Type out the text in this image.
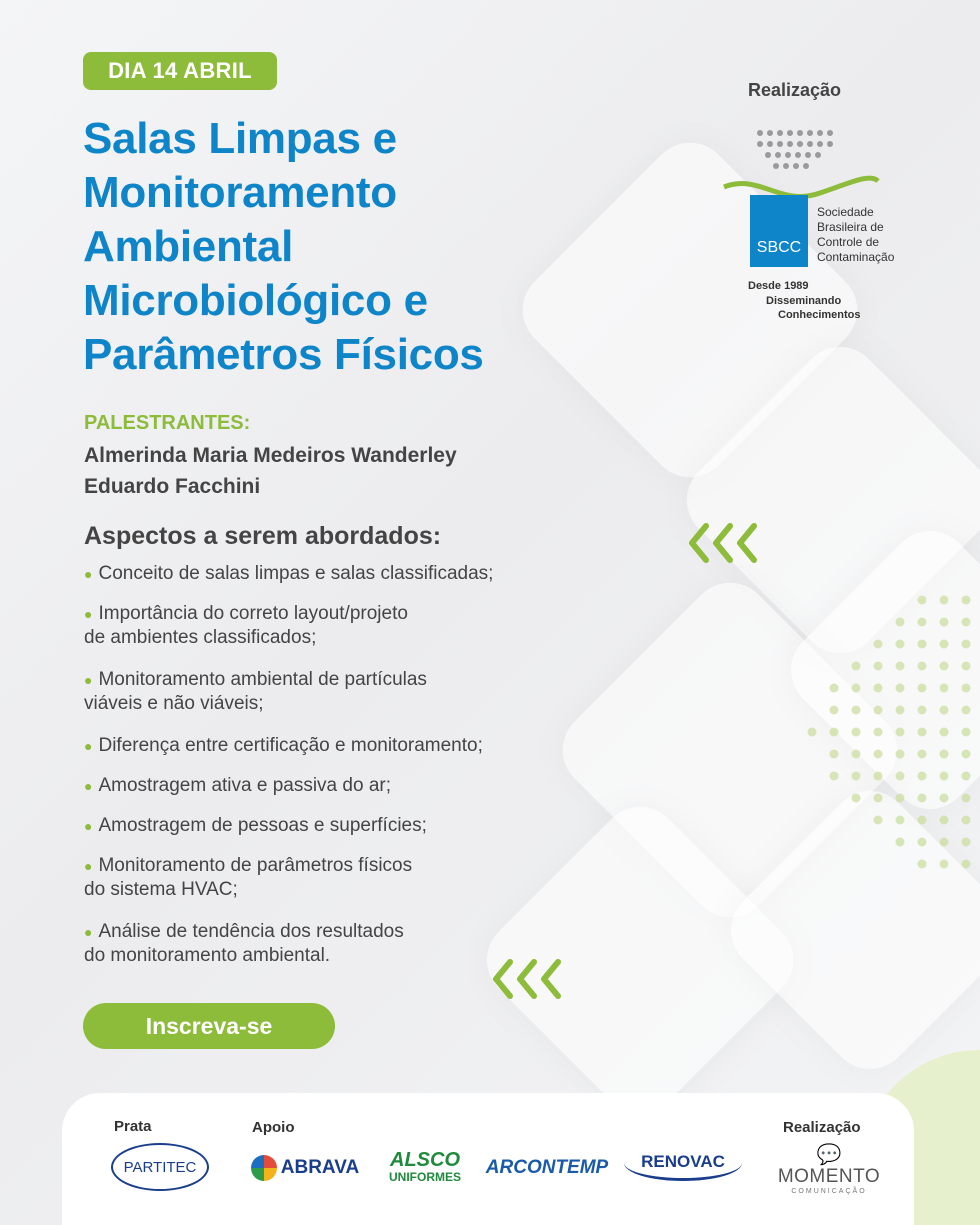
DIA 14 ABRIL
Salas Limpas e
Monitoramento
Ambiental
Microbiológico e
Parâmetros Físicos
PALESTRANTES:
Almerinda Maria Medeiros Wanderley
Eduardo Facchini
Aspectos a serem abordados:
● Conceito de salas limpas e salas classificadas;
● Importância do correto layout/projeto
de ambientes classificados;
● Monitoramento ambiental de partículas
viáveis e não viáveis;
● Diferença entre certificação e monitoramento;
● Amostragem ativa e passiva do ar;
● Amostragem de pessoas e superfícies;
● Monitoramento de parâmetros físicos
do sistema HVAC;
● Análise de tendência dos resultados
do monitoramento ambiental.
Inscreva-se
Realização
SBCC
Sociedade
Brasileira de
Controle de
Contaminação
Desde 1989
Disseminando
Conhecimentos
Prata	Apoio	Realização
PARTITEC	ABRAVA ALSCO
UNIFORMES ARCONTEMP	RENOVAC	💬
MOMENTO
COMUNICAÇÃO
